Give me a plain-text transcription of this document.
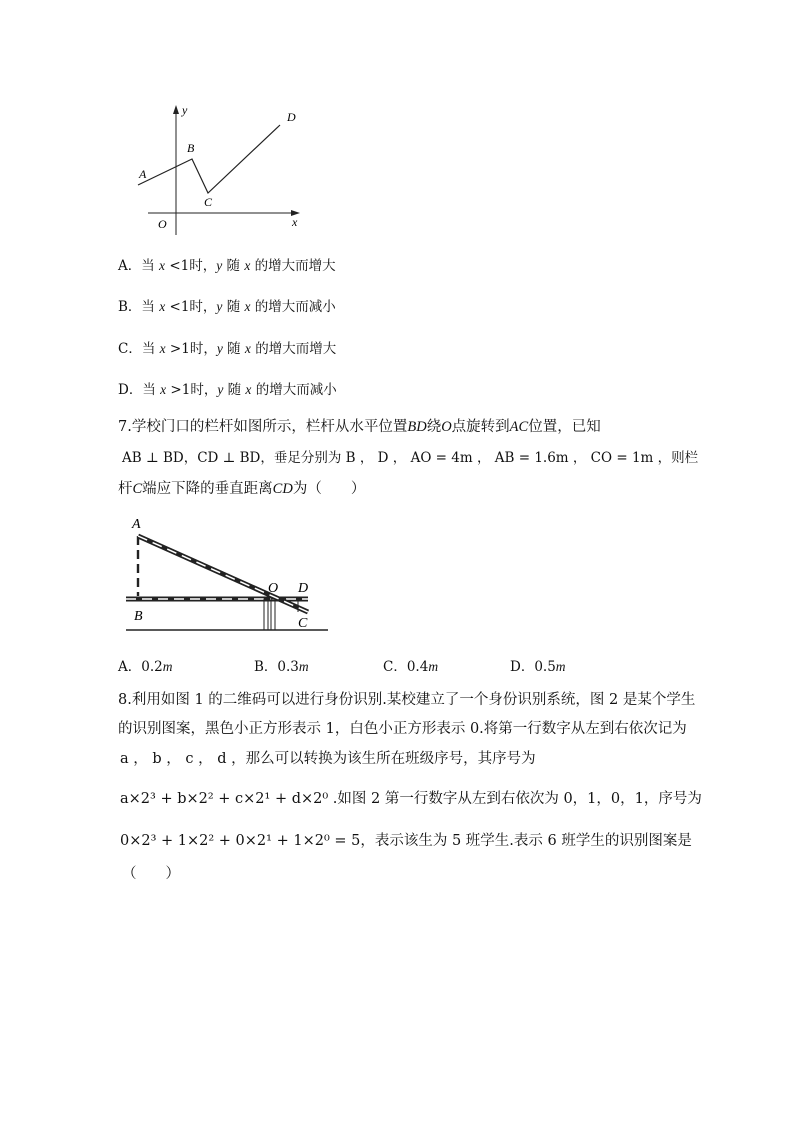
y
x
O
A
B
C
D
A．当 x <1时，y 随 x 的增大而增大
B．当 x <1时，y 随 x 的增大而减小
C．当 x >1时，y 随 x 的增大而增大
D．当 x >1时，y 随 x 的增大而减小
7.学校门口的栏杆如图所示，栏杆从水平位置BD绕O点旋转到AC位置，已知
AB ⊥ BD，CD ⊥ BD，垂足分别为 B ， D ， AO = 4m ， AB = 1.6m ， CO = 1m ，则栏
杆C端应下降的垂直距离CD为（　　）
A
B
O D
C
A．0.2m	B．0.3m	C．0.4m	D．0.5m
8.利用如图 1 的二维码可以进行身份识别.某校建立了一个身份识别系统，图 2 是某个学生
的识别图案，黑色小正方形表示 1，白色小正方形表示 0.将第一行数字从左到右依次记为
a ， b ， c ， d ，那么可以转换为该生所在班级序号，其序号为
a×2³ + b×2² + c×2¹ + d×2⁰ .如图 2 第一行数字从左到右依次为 0，1，0，1，序号为
0×2³ + 1×2² + 0×2¹ + 1×2⁰ = 5，表示该生为 5 班学生.表示 6 班学生的识别图案是
（　　）
